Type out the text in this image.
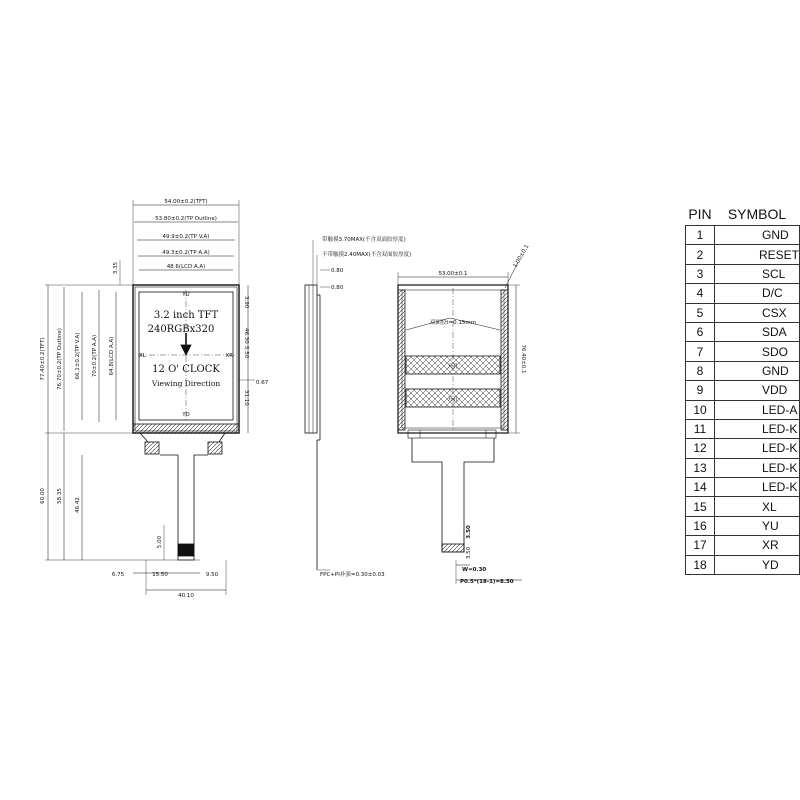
54.00±0.2(TFT)
53.80±0.2(TP Outline)
49.9±0.2(TP V.A)
49.3±0.2(TP A.A)
48.6(LCD A.A)
3.35
77.40±0.2(TFT) 76.70±0.2(TP Outline) 66.1±0.2(TP V.A) 70±0.2(TP A.A) 64.8(LCD A.A)
3.2 inch TFT
240RGBx320
12 O' CLOCK
Viewing Direction
YU
YD
XL	XR
3.90
46.30
5.50
0.67
31.10
60.00 58.35
46.42
5.00
6.75	15.50	9.50
40.10
带触摸3.70MAX(不含双面胶厚度)
不带触摸2.40MAX(不含双面胶厚度)
0.80
0.80
FPC+PI补强=0.30±0.03
53.00±0.1
1.00±0.1
76.40±0.1
双面胶t=0.15mm
开孔
开孔
3.50
3.50
W=0.30
P0.5*(18-1)=8.50
PIN	SYMBOL
1	GND
2	RESET
3	SCL
4	D/C
5	CSX
6	SDA
7	SDO
8	GND
9	VDD
10	LED-A
11	LED-K
12	LED-K
13	LED-K
14	LED-K
15	XL
16	YU
17	XR
18	YD
